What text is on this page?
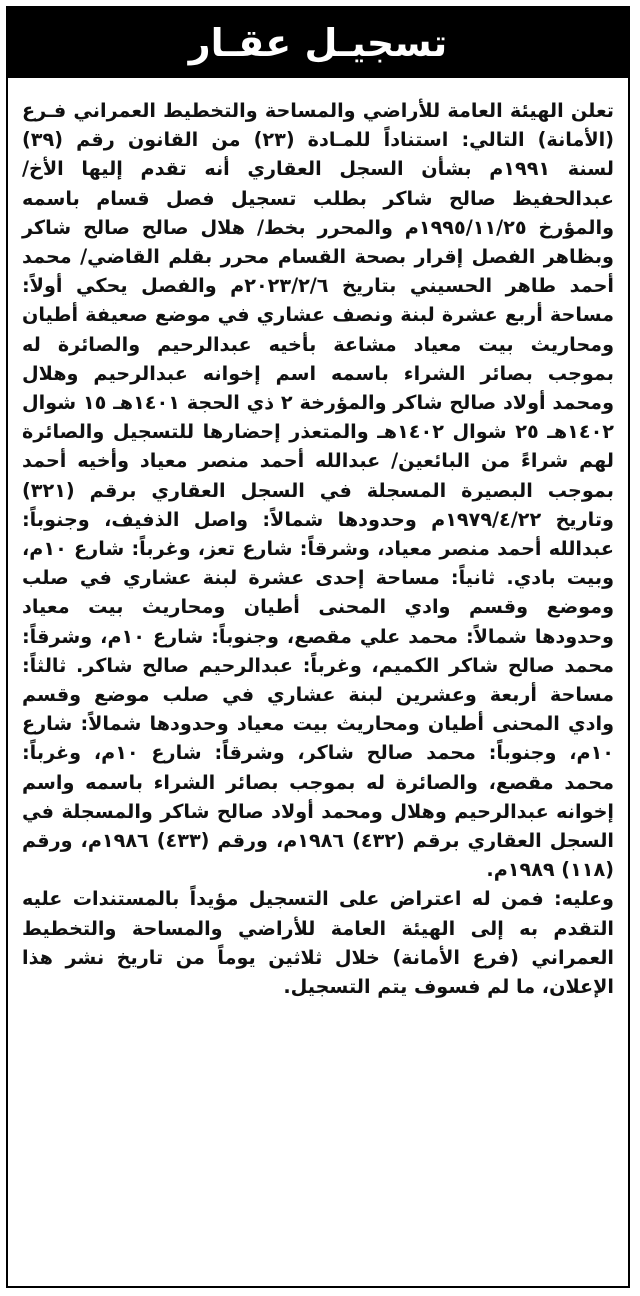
تسجيـل عقـار

تعلن الهيئة العامة للأراضي والمساحة والتخطيط العمراني فـرع (الأمانة) التالي: استناداً للمـادة (٢٣) من القانون رقم (٣٩) لسنة ١٩٩١م بشأن السجل العقاري أنه تقدم إليها الأخ/ عبدالحفيظ صالح شاكر بطلب تسجيل فصل قسام باسمه والمؤرخ ١٩٩٥/١١/٢٥م والمحرر بخط/ هلال صالح صالح شاكر وبظاهر الفصل إقرار بصحة القسام محرر بقلم القاضي/ محمد أحمد طاهر الحسيني بتاريخ ٢٠٢٣/٢/٦م والفصل يحكي أولاً: مساحة أربع عشرة لبنة ونصف عشاري في موضع صعيفة أطيان ومحاريث بيت معياد مشاعة بأخيه عبدالرحيم والصائرة له بموجب بصائر الشراء باسمه اسم إخوانه عبدالرحيم وهلال ومحمد أولاد صالح شاكر والمؤرخة ٢ ذي الحجة ١٤٠١هـ ١٥ شوال ١٤٠٢هـ ٢٥ شوال ١٤٠٢هـ والمتعذر إحضارها للتسجيل والصائرة لهم شراءً من البائعين/ عبدالله أحمد منصر معياد وأخيه أحمد بموجب البصيرة المسجلة في السجل العقاري برقم (٣٢١) وتاريخ ١٩٧٩/٤/٢٢م وحدودها شمالاً: واصل الذفيف، وجنوباً: عبدالله أحمد منصر معياد، وشرقاً: شارع تعز، وغرباً: شارع ١٠م، وبيت بادي. ثانياً: مساحة إحدى عشرة لبنة عشاري في صلب وموضع وقسم وادي المحنى أطيان ومحاريث بيت معياد وحدودها شمالاً: محمد علي مقصع، وجنوباً: شارع ١٠م، وشرقاً: محمد صالح شاكر الكميم، وغرباً: عبدالرحيم صالح شاكر. ثالثاً: مساحة أربعة وعشرين لبنة عشاري في صلب موضع وقسم وادي المحنى أطيان ومحاريث بيت معياد وحدودها شمالاً: شارع ١٠م، وجنوباً: محمد صالح شاكر، وشرقاً: شارع ١٠م، وغرباً: محمد مقصع، والصائرة له بموجب بصائر الشراء باسمه واسم إخوانه عبدالرحيم وهلال ومحمد أولاد صالح شاكر والمسجلة في السجل العقاري برقم (٤٣٢) ١٩٨٦م، ورقم (٤٣٣) ١٩٨٦م، ورقم (١١٨) ١٩٨٩م.

وعليه: فمن له اعتراض على التسجيل مؤيداً بالمستندات عليه التقدم به إلى الهيئة العامة للأراضي والمساحة والتخطيط العمراني (فرع الأمانة) خلال ثلاثين يوماً من تاريخ نشر هذا الإعلان، ما لم فسوف يتم التسجيل.
